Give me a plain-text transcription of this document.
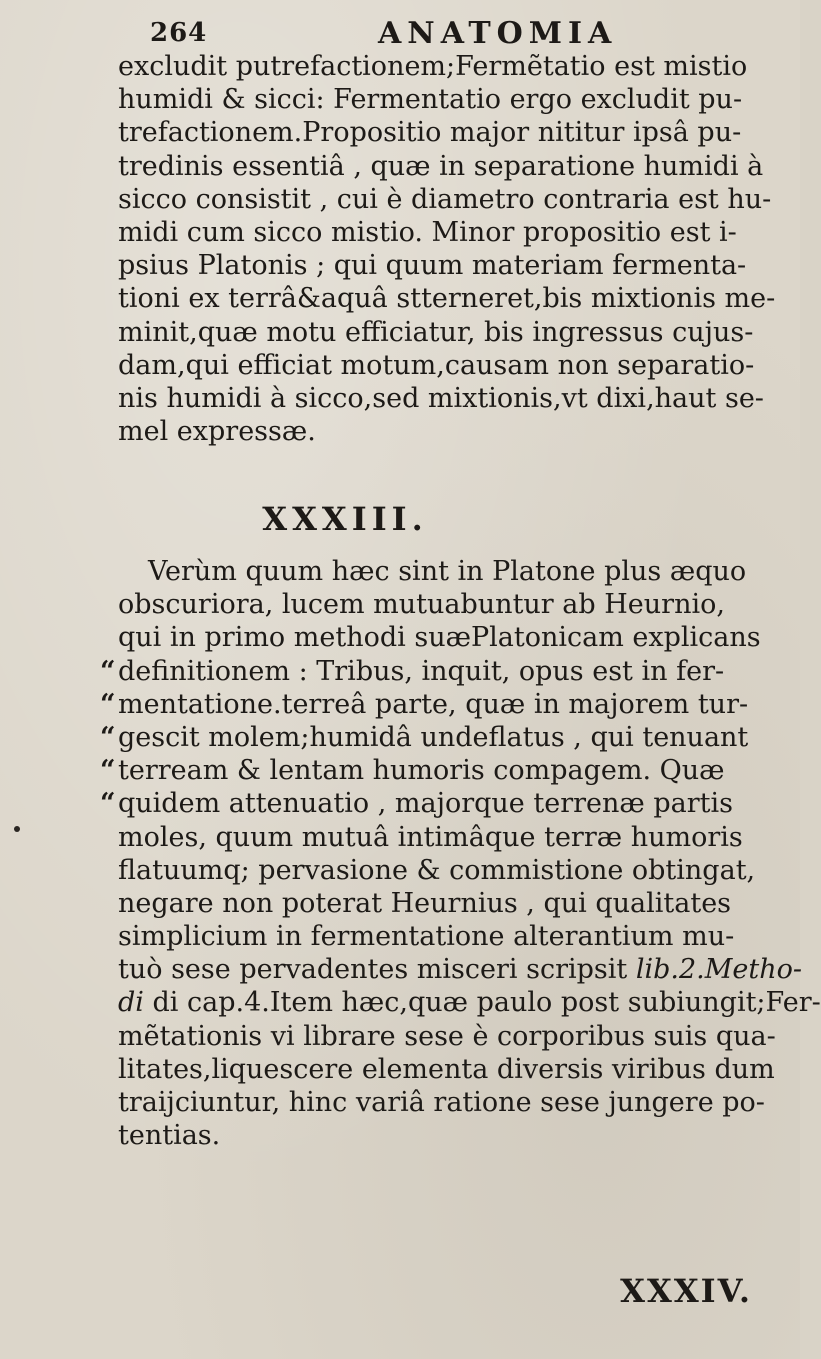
264	ANATOMIA
excludit putrefactionem;Fermẽtatio est mistio
humidi & sicci: Fermentatio ergo excludit pu-
trefactionem.Propositio major nititur ipsâ pu-
tredinis essentiâ , quæ in separatione humidi à
sicco consistit , cui è diametro contraria est hu-
midi cum sicco mistio. Minor propositio est i-
psius Platonis ; qui quum materiam fermenta-
tioni ex terrâ&aquâ stterneret,bis mixtionis me-
minit,quæ motu efficiatur, bis ingressus cujus-
dam,qui efficiat motum,causam non separatio-
nis humidi à sicco,sed mixtionis,vt dixi,haut se-
mel expressæ.
XXXIII.
Verùm quum hæc sint in Platone plus æquo
obscuriora, lucem mutuabuntur ab Heurnio,
qui in primo methodi suæPlatonicam explicans
“ definitionem : Tribus, inquit, opus est in fer-
“ mentatione.terreâ parte, quæ in majorem tur-
“ gescit molem;humidâ undeflatus , qui tenuant
“ terream & lentam humoris compagem. Quæ
“ quidem attenuatio , majorque terrenæ partis
moles, quum mutuâ intimâque terræ humoris
flatuumq; pervasione & commistione obtingat,
negare non poterat Heurnius , qui qualitates
simplicium in fermentatione alterantium mu-
tuò sese pervadentes misceri scripsit lib.2.Metho-
di di cap.4.Item hæc,quæ paulo post subiungit;Fer-
mẽtationis vi librare sese è corporibus suis qua-
litates,liquescere elementa diversis viribus dum
traijciuntur, hinc variâ ratione sese jungere po-
tentias.
XXXIV.
